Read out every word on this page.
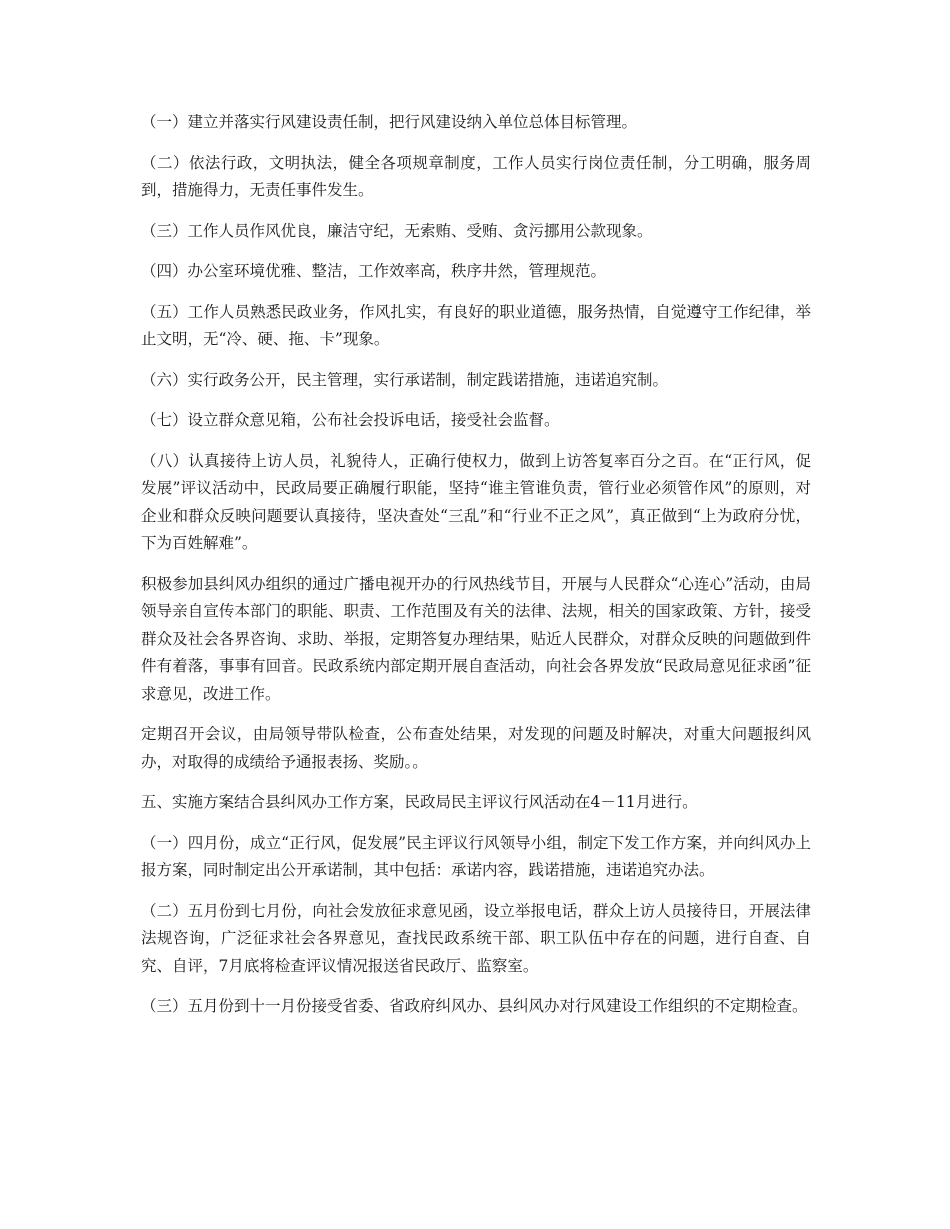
（一）建立并落实行风建设责任制，把行风建设纳入单位总体目标管理。

（二）依法行政，文明执法，健全各项规章制度，工作人员实行岗位责任制，分工明确，服务周到，措施得力，无责任事件发生。

（三）工作人员作风优良，廉洁守纪，无索贿、受贿、贪污挪用公款现象。

（四）办公室环境优雅、整洁，工作效率高，秩序井然，管理规范。

（五）工作人员熟悉民政业务，作风扎实，有良好的职业道德，服务热情，自觉遵守工作纪律，举止文明，无“冷、硬、拖、卡”现象。

（六）实行政务公开，民主管理，实行承诺制，制定践诺措施，违诺追究制。

（七）设立群众意见箱，公布社会投诉电话，接受社会监督。

（八）认真接待上访人员，礼貌待人，正确行使权力，做到上访答复率百分之百。在“正行风，促发展”评议活动中，民政局要正确履行职能，坚持“谁主管谁负责，管行业必须管作风”的原则，对企业和群众反映问题要认真接待，坚决查处“三乱”和“行业不正之风”，真正做到“上为政府分忧，下为百姓解难”。

积极参加县纠风办组织的通过广播电视开办的行风热线节目，开展与人民群众“心连心”活动，由局领导亲自宣传本部门的职能、职责、工作范围及有关的法律、法规，相关的国家政策、方针，接受群众及社会各界咨询、求助、举报，定期答复办理结果，贴近人民群众，对群众反映的问题做到件件有着落，事事有回音。民政系统内部定期开展自查活动，向社会各界发放“民政局意见征求函”征求意见，改进工作。

定期召开会议，由局领导带队检查，公布查处结果，对发现的问题及时解决，对重大问题报纠风办，对取得的成绩给予通报表扬、奖励。。

五、实施方案结合县纠风办工作方案，民政局民主评议行风活动在4－11月进行。

（一）四月份，成立“正行风，促发展”民主评议行风领导小组，制定下发工作方案，并向纠风办上报方案，同时制定出公开承诺制，其中包括：承诺内容，践诺措施，违诺追究办法。

（二）五月份到七月份，向社会发放征求意见函，设立举报电话，群众上访人员接待日，开展法律法规咨询，广泛征求社会各界意见，查找民政系统干部、职工队伍中存在的问题，进行自查、自究、自评，7月底将检查评议情况报送省民政厅、监察室。

（三）五月份到十一月份接受省委、省政府纠风办、县纠风办对行风建设工作组织的不定期检查。
